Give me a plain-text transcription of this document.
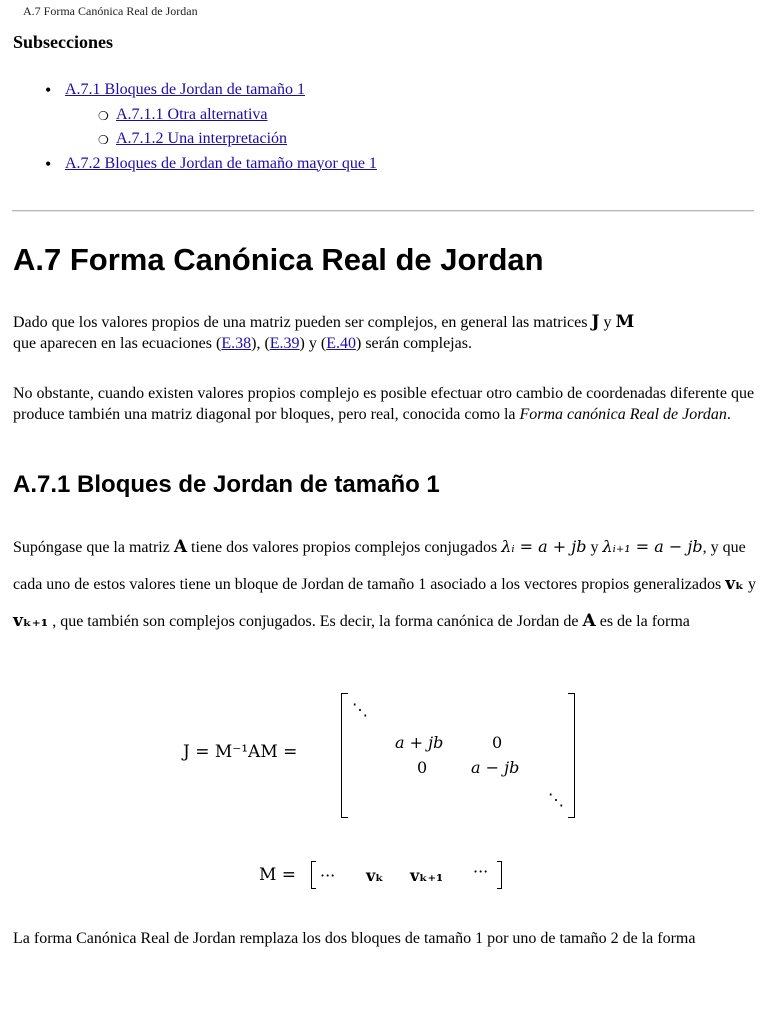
A.7 Forma Canónica Real de Jordan
Subsecciones
• A.7.1 Bloques de Jordan de tamaño 1
❍ A.7.1.1 Otra alternativa
❍ A.7.1.2 Una interpretación
• A.7.2 Bloques de Jordan de tamaño mayor que 1
A.7 Forma Canónica Real de Jordan
Dado que los valores propios de una matriz pueden ser complejos, en general las matrices J y M
que aparecen en las ecuaciones (E.38), (E.39) y (E.40) serán complejas.
No obstante, cuando existen valores propios complejo es posible efectuar otro cambio de coordenadas diferente que produce también una matriz diagonal por bloques, pero real, conocida como la Forma canónica Real de Jordan.
A.7.1 Bloques de Jordan de tamaño 1
Supóngase que la matriz A tiene dos valores propios complejos conjugados λᵢ = a + jb y λᵢ₊₁ = a − jb, y que cada uno de estos valores tiene un bloque de Jordan de tamaño 1 asociado a los vectores propios generalizados vₖ y vₖ₊₁ , que también son complejos conjugados. Es decir, la forma canónica de Jordan de A es de la forma
J = M⁻¹AM =
⋱
a + jb	0
0	a − jb
⋱
M = ··· vₖ vₖ₊₁ ···
La forma Canónica Real de Jordan remplaza los dos bloques de tamaño 1 por uno de tamaño 2 de la forma
